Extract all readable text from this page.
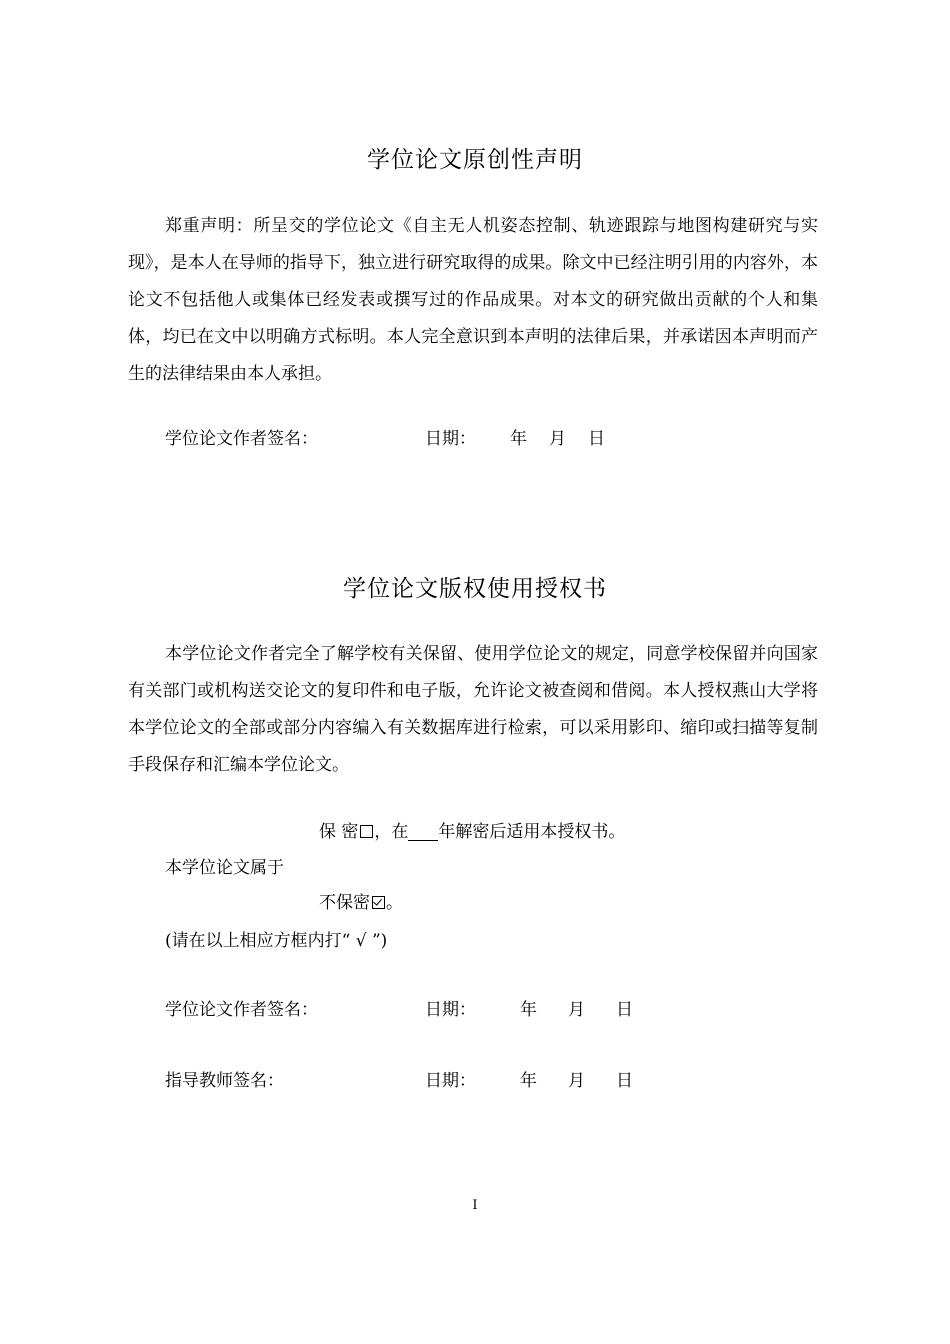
学位论文原创性声明

郑重声明：所呈交的学位论文《自主无人机姿态控制、轨迹跟踪与地图构建研究与实现》，是本人在导师的指导下，独立进行研究取得的成果。除文中已经注明引用的内容外，本论文不包括他人或集体已经发表或撰写过的作品成果。对本文的研究做出贡献的个人和集体，均已在文中以明确方式标明。本人完全意识到本声明的法律后果，并承诺因本声明而产生的法律结果由本人承担。

学位论文作者签名：	日期： 年 月 日
学位论文版权使用授权书

本学位论文作者完全了解学校有关保留、使用学位论文的规定，同意学校保留并向国家有关部门或机构送交论文的复印件和电子版，允许论文被查阅和借阅。本人授权燕山大学将本学位论文的全部或部分内容编入有关数据库进行检索，可以采用影印、缩印或扫描等复制手段保存和汇编本学位论文。

保 密 ，在 年解密后适用本授权书。
本学位论文属于
不保密 。
(请在以上相应方框内打“ √ ”)
学位论文作者签名：	日期：	年 月 日
指导教师签名：	日期：	年 月 日
I
